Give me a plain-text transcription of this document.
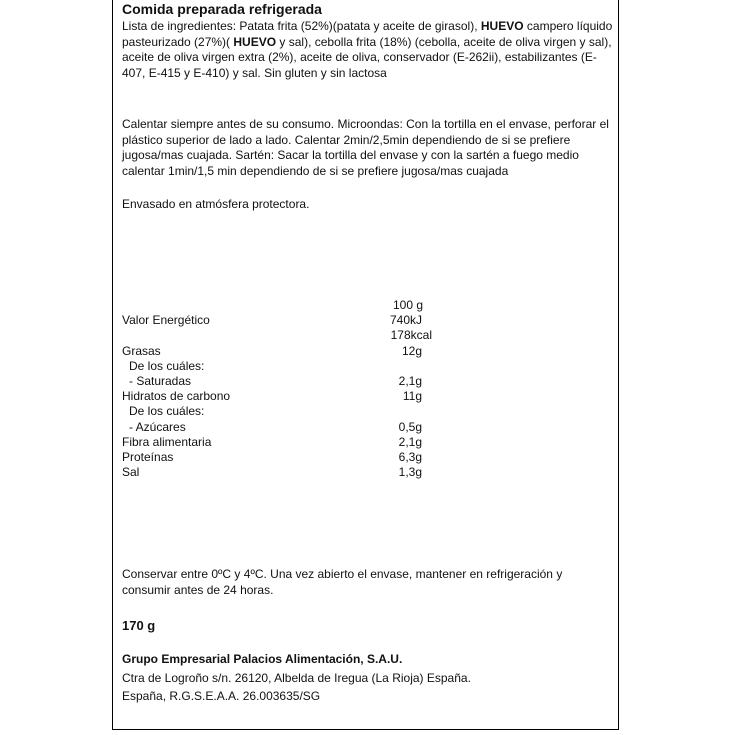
Comida preparada refrigerada
Lista de ingredientes: Patata frita (52%)(patata y aceite de girasol), HUEVO campero líquido pasteurizado (27%)( HUEVO y sal), cebolla frita (18%) (cebolla, aceite de oliva virgen y sal), aceite de oliva virgen extra (2%), aceite de oliva, conservador (E-262ii), estabilizantes (E-407, E-415 y E-410) y sal. Sin gluten y sin lactosa
Calentar siempre antes de su consumo. Microondas: Con la tortilla en el envase, perforar el plástico superior de lado a lado. Calentar 2min/2,5min dependiendo de si se prefiere jugosa/mas cuajada. Sartén: Sacar la tortilla del envase y con la sartén a fuego medio calentar 1min/1,5 min dependiendo de si se prefiere jugosa/mas cuajada
Envasado en atmósfera protectora.
100 g
Valor Energético	740kJ
178kcal
Grasas	12g
De los cuáles:
- Saturadas	2,1g
Hidratos de carbono	11g
De los cuáles:
- Azúcares	0,5g
Fibra alimentaria	2,1g
Proteínas	6,3g
Sal	1,3g
Conservar entre 0ºC y 4ºC. Una vez abierto el envase, mantener en refrigeración y consumir antes de 24 horas.
170 g
Grupo Empresarial Palacios Alimentación, S.A.U.
Ctra de Logroño s/n. 26120, Albelda de Iregua (La Rioja) España.
España, R.G.S.E.A.A. 26.003635/SG
